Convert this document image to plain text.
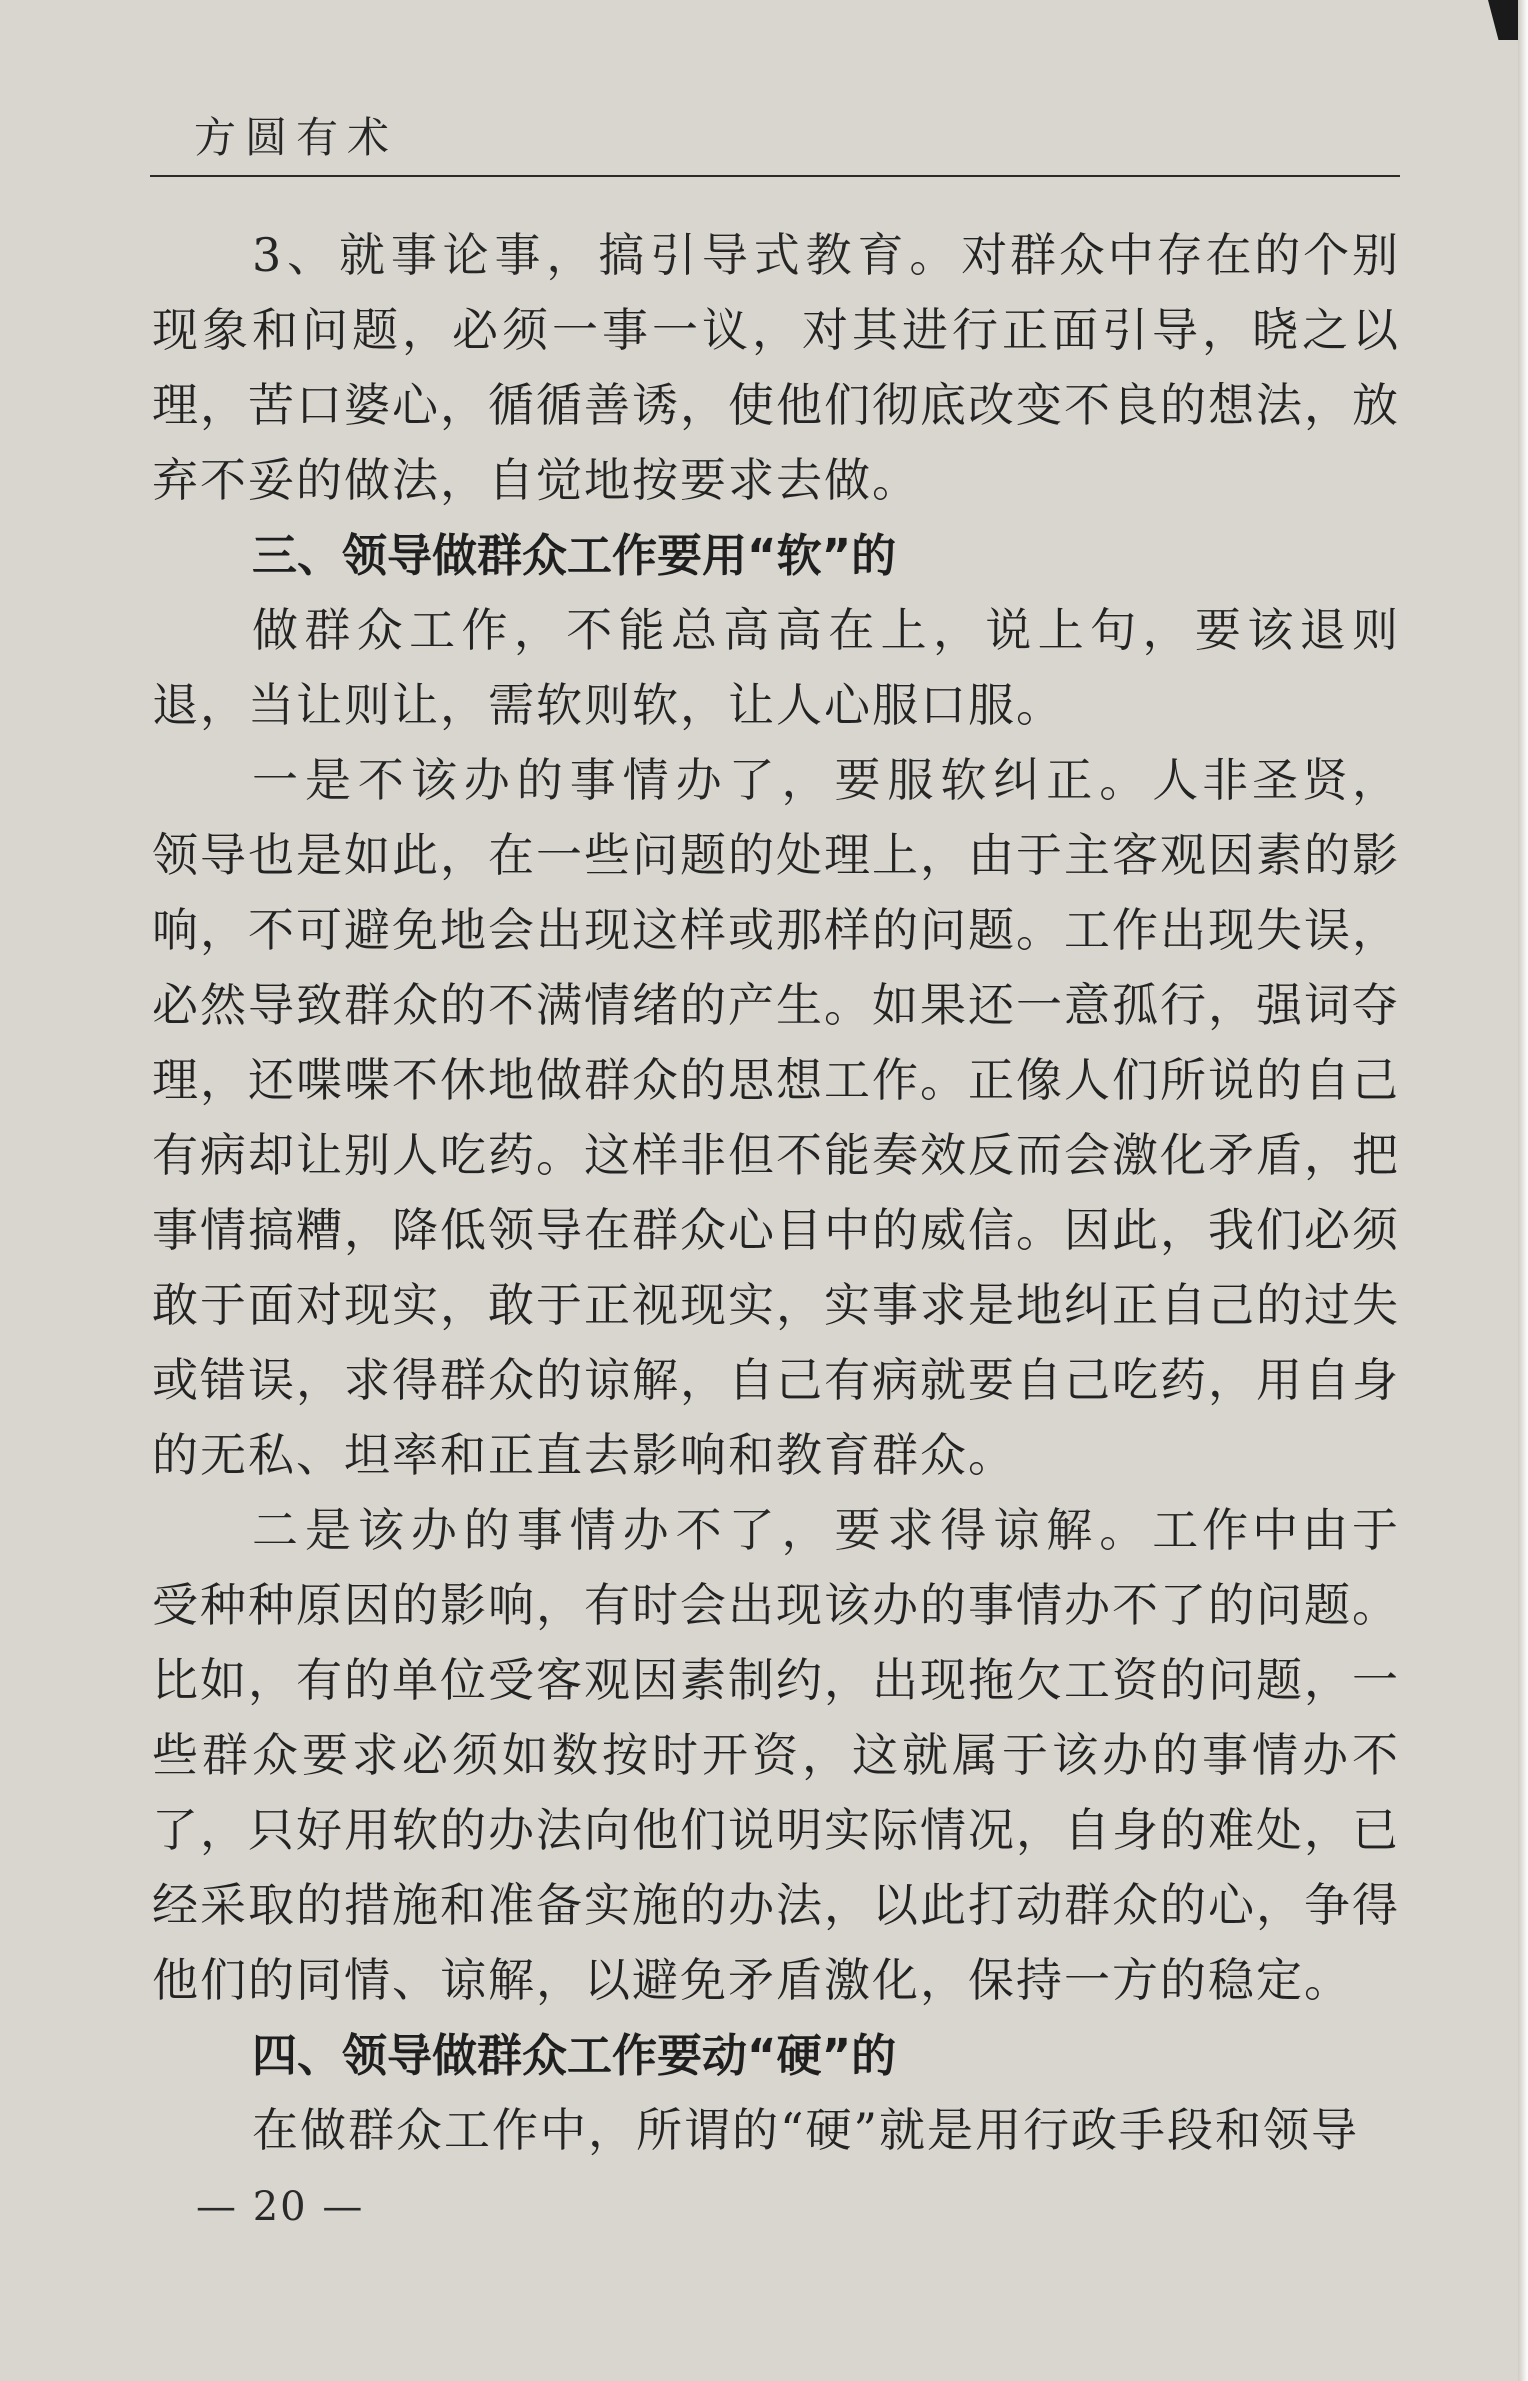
方圆有术

3、就事论事，搞引导式教育。对群众中存在的个别现象和问题，必须一事一议，对其进行正面引导，晓之以理，苦口婆心，循循善诱，使他们彻底改变不良的想法，放弃不妥的做法，自觉地按要求去做。

三、领导做群众工作要用“软”的

做群众工作，不能总高高在上，说上句，要该退则退，当让则让，需软则软，让人心服口服。

一是不该办的事情办了，要服软纠正。人非圣贤，领导也是如此，在一些问题的处理上，由于主客观因素的影响，不可避免地会出现这样或那样的问题。工作出现失误，必然导致群众的不满情绪的产生。如果还一意孤行，强词夺理，还喋喋不休地做群众的思想工作。正像人们所说的自己有病却让别人吃药。这样非但不能奏效反而会激化矛盾，把事情搞糟，降低领导在群众心目中的威信。因此，我们必须敢于面对现实，敢于正视现实，实事求是地纠正自己的过失或错误，求得群众的谅解，自己有病就要自己吃药，用自身的无私、坦率和正直去影响和教育群众。

二是该办的事情办不了，要求得谅解。工作中由于受种种原因的影响，有时会出现该办的事情办不了的问题。比如，有的单位受客观因素制约，出现拖欠工资的问题，一些群众要求必须如数按时开资，这就属于该办的事情办不了，只好用软的办法向他们说明实际情况，自身的难处，已经采取的措施和准备实施的办法，以此打动群众的心，争得他们的同情、谅解，以避免矛盾激化，保持一方的稳定。

四、领导做群众工作要动“硬”的

在做群众工作中，所谓的“硬”就是用行政手段和领导

— 20 —
